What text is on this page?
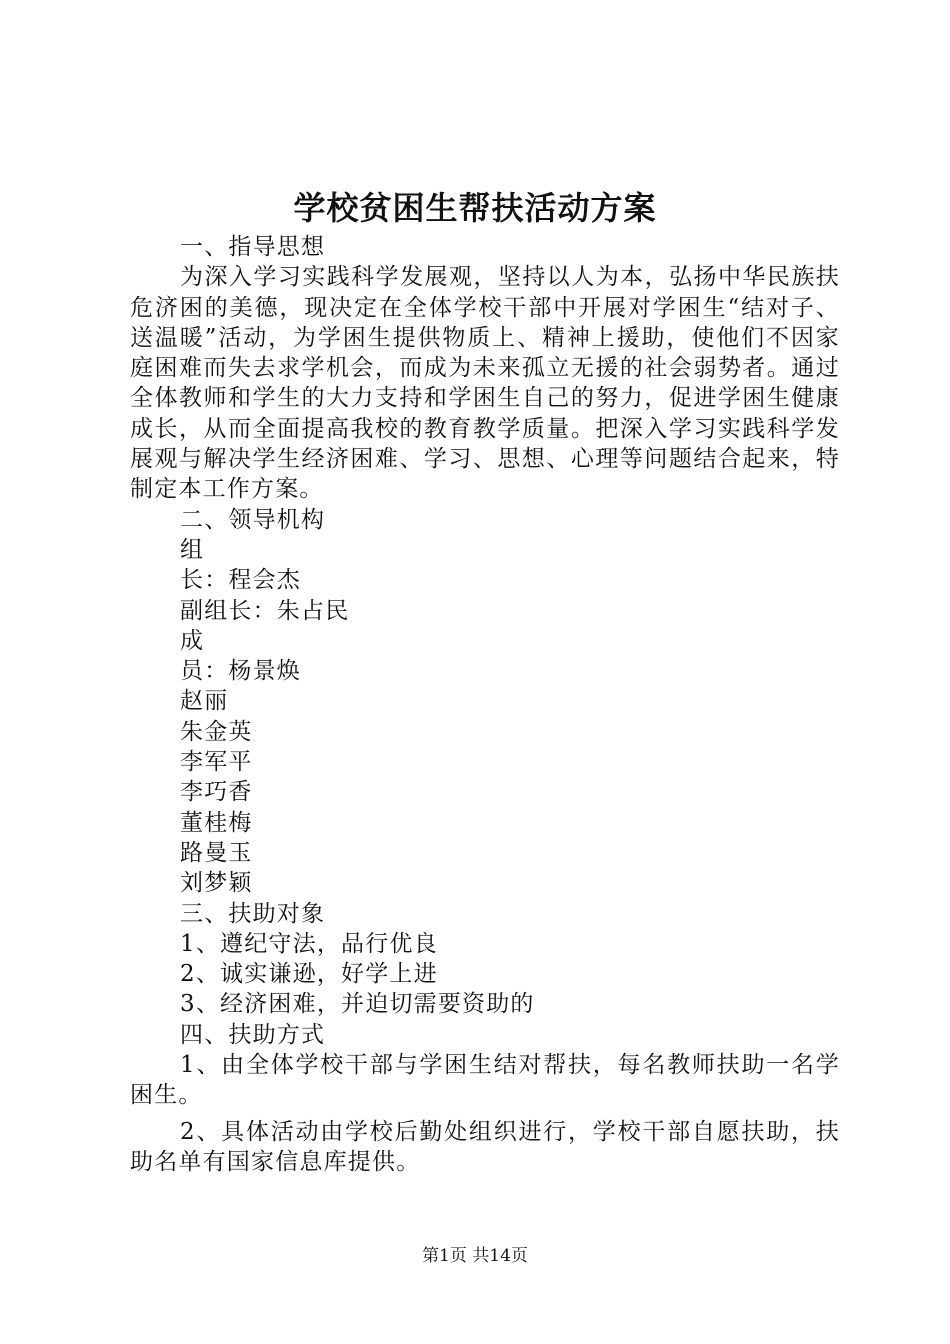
学校贫困生帮扶活动方案

一、指导思想

为深入学习实践科学发展观，坚持以人为本，弘扬中华民族扶危济困的美德，现决定在全体学校干部中开展对学困生“结对子、送温暖”活动，为学困生提供物质上、精神上援助，使他们不因家庭困难而失去求学机会，而成为未来孤立无援的社会弱势者。通过全体教师和学生的大力支持和学困生自己的努力，促进学困生健康成长，从而全面提高我校的教育教学质量。把深入学习实践科学发展观与解决学生经济困难、学习、思想、心理等问题结合起来，特制定本工作方案。

二、领导机构

组

长：程会杰

副组长：朱占民

成

员：杨景焕

赵丽

朱金英

李军平

李巧香

董桂梅

路曼玉

刘梦颖

三、扶助对象

1、遵纪守法，品行优良

2、诚实谦逊，好学上进

3、经济困难，并迫切需要资助的

四、扶助方式

1、由全体学校干部与学困生结对帮扶，每名教师扶助一名学困生。

2、具体活动由学校后勤处组织进行，学校干部自愿扶助，扶助名单有国家信息库提供。

第1页 共14页
